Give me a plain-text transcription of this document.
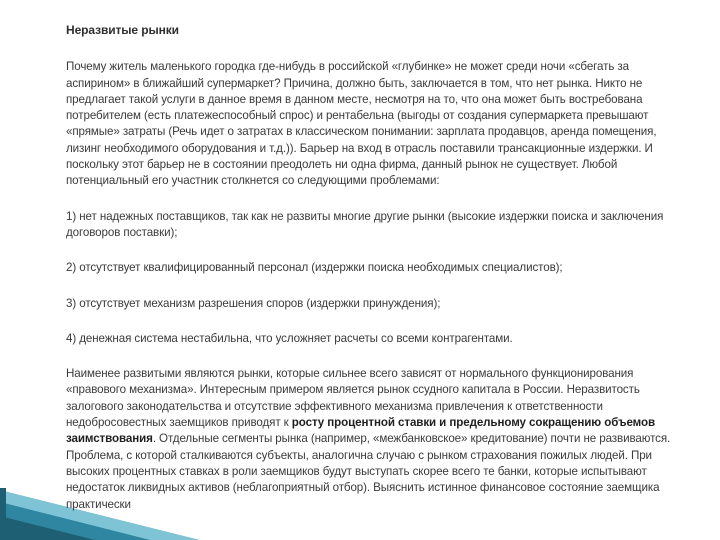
Неразвитые рынки

Почему житель маленького городка где-нибудь в российской «глубинке» не может среди ночи «сбегать за аспирином» в ближайший супермаркет? Причина, должно быть, заключается в том, что нет рынка. Никто не предлагает такой услуги в данное время в данном месте, несмотря на то, что она может быть востребована потребителем (есть платежеспособный спрос) и рентабельна (выгоды от создания супермаркета превышают «прямые» затраты (Речь идет о затратах в классическом понимании: зарплата продавцов, аренда помещения, лизинг необходимого оборудования и т.д.)). Барьер на вход в отрасль поставили трансакционные издержки. И поскольку этот барьер не в состоянии преодолеть ни одна фирма, данный рынок не существует. Любой потенциальный его участник столкнется со следующими проблемами:

1) нет надежных поставщиков, так как не развиты многие другие рынки (высокие издержки поиска и заключения договоров поставки);

2) отсутствует квалифицированный персонал (издержки поиска необходимых специалистов);

3) отсутствует механизм разрешения споров (издержки принуждения);

4) денежная система нестабильна, что усложняет расчеты со всеми контрагентами.

Наименее развитыми являются рынки, которые сильнее всего зависят от нормального функционирования «правового механизма». Интересным примером является рынок ссудного капитала в России. Неразвитость залогового законодательства и отсутствие эффективного механизма привлечения к ответственности недобросовестных заемщиков приводят к росту процентной ставки и предельному сокращению объемов заимствования. Отдельные сегменты рынка (например, «межбанковское» кредитование) почти не развиваются. Проблема, с которой сталкиваются субъекты, аналогична случаю с рынком страхования пожилых людей. При высоких процентных ставках в роли заемщиков будут выступать скорее всего те банки, которые испытывают недостаток ликвидных активов (неблагоприятный отбор). Выяснить истинное финансовое состояние заемщика практически
